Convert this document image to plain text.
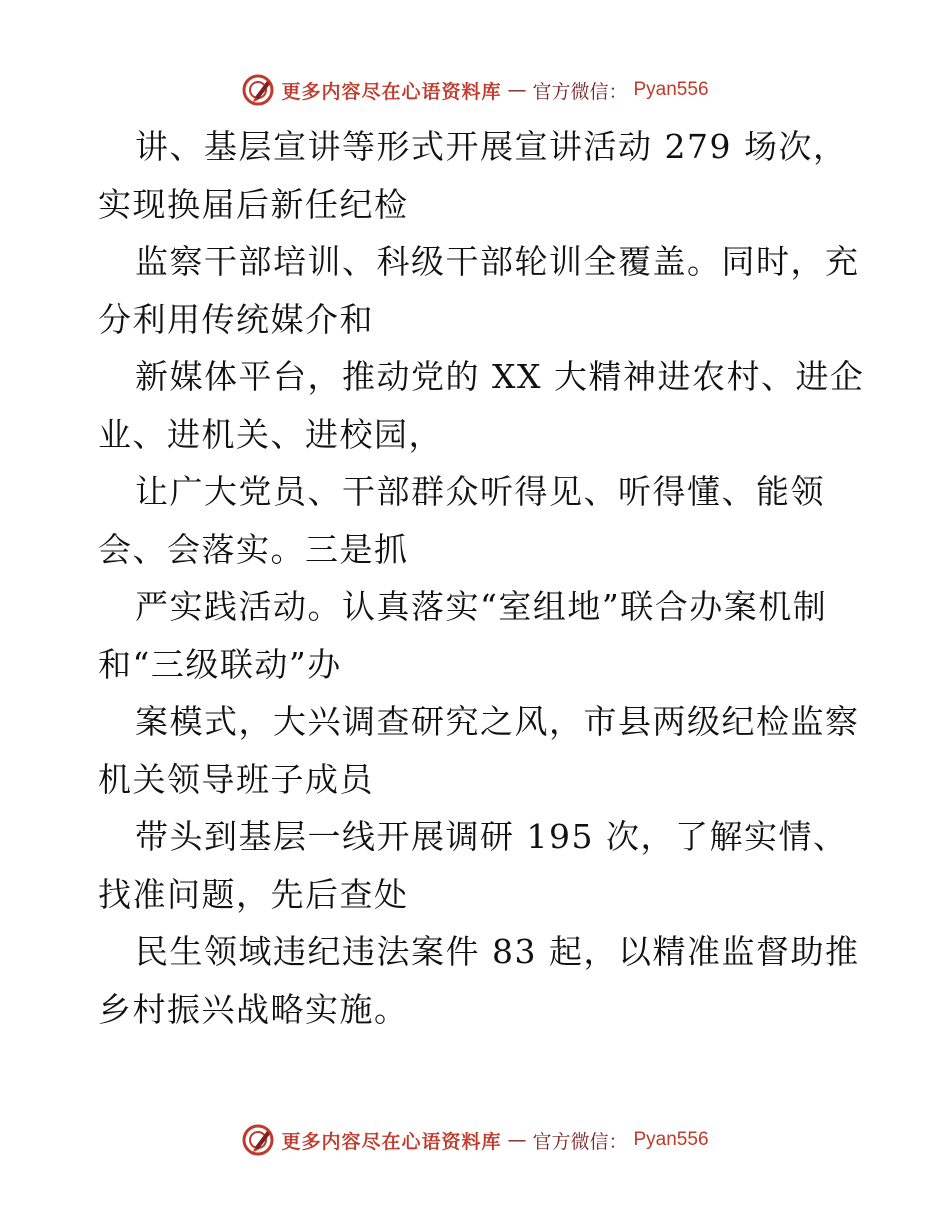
更多内容尽在心语资料库 — 官方微信： Pyan556
讲、基层宣讲等形式开展宣讲活动 279 场次，
实现换届后新任纪检
监察干部培训、科级干部轮训全覆盖。同时，充
分利用传统媒介和
新媒体平台，推动党的 XX 大精神进农村、进企
业、进机关、进校园，
让广大党员、干部群众听得见、听得懂、能领
会、会落实。三是抓
严实践活动。认真落实“室组地”联合办案机制
和“三级联动”办
案模式，大兴调查研究之风，市县两级纪检监察
机关领导班子成员
带头到基层一线开展调研 195 次，了解实情、
找准问题，先后查处
民生领域违纪违法案件 83 起，以精准监督助推
乡村振兴战略实施。
更多内容尽在心语资料库 — 官方微信： Pyan556
